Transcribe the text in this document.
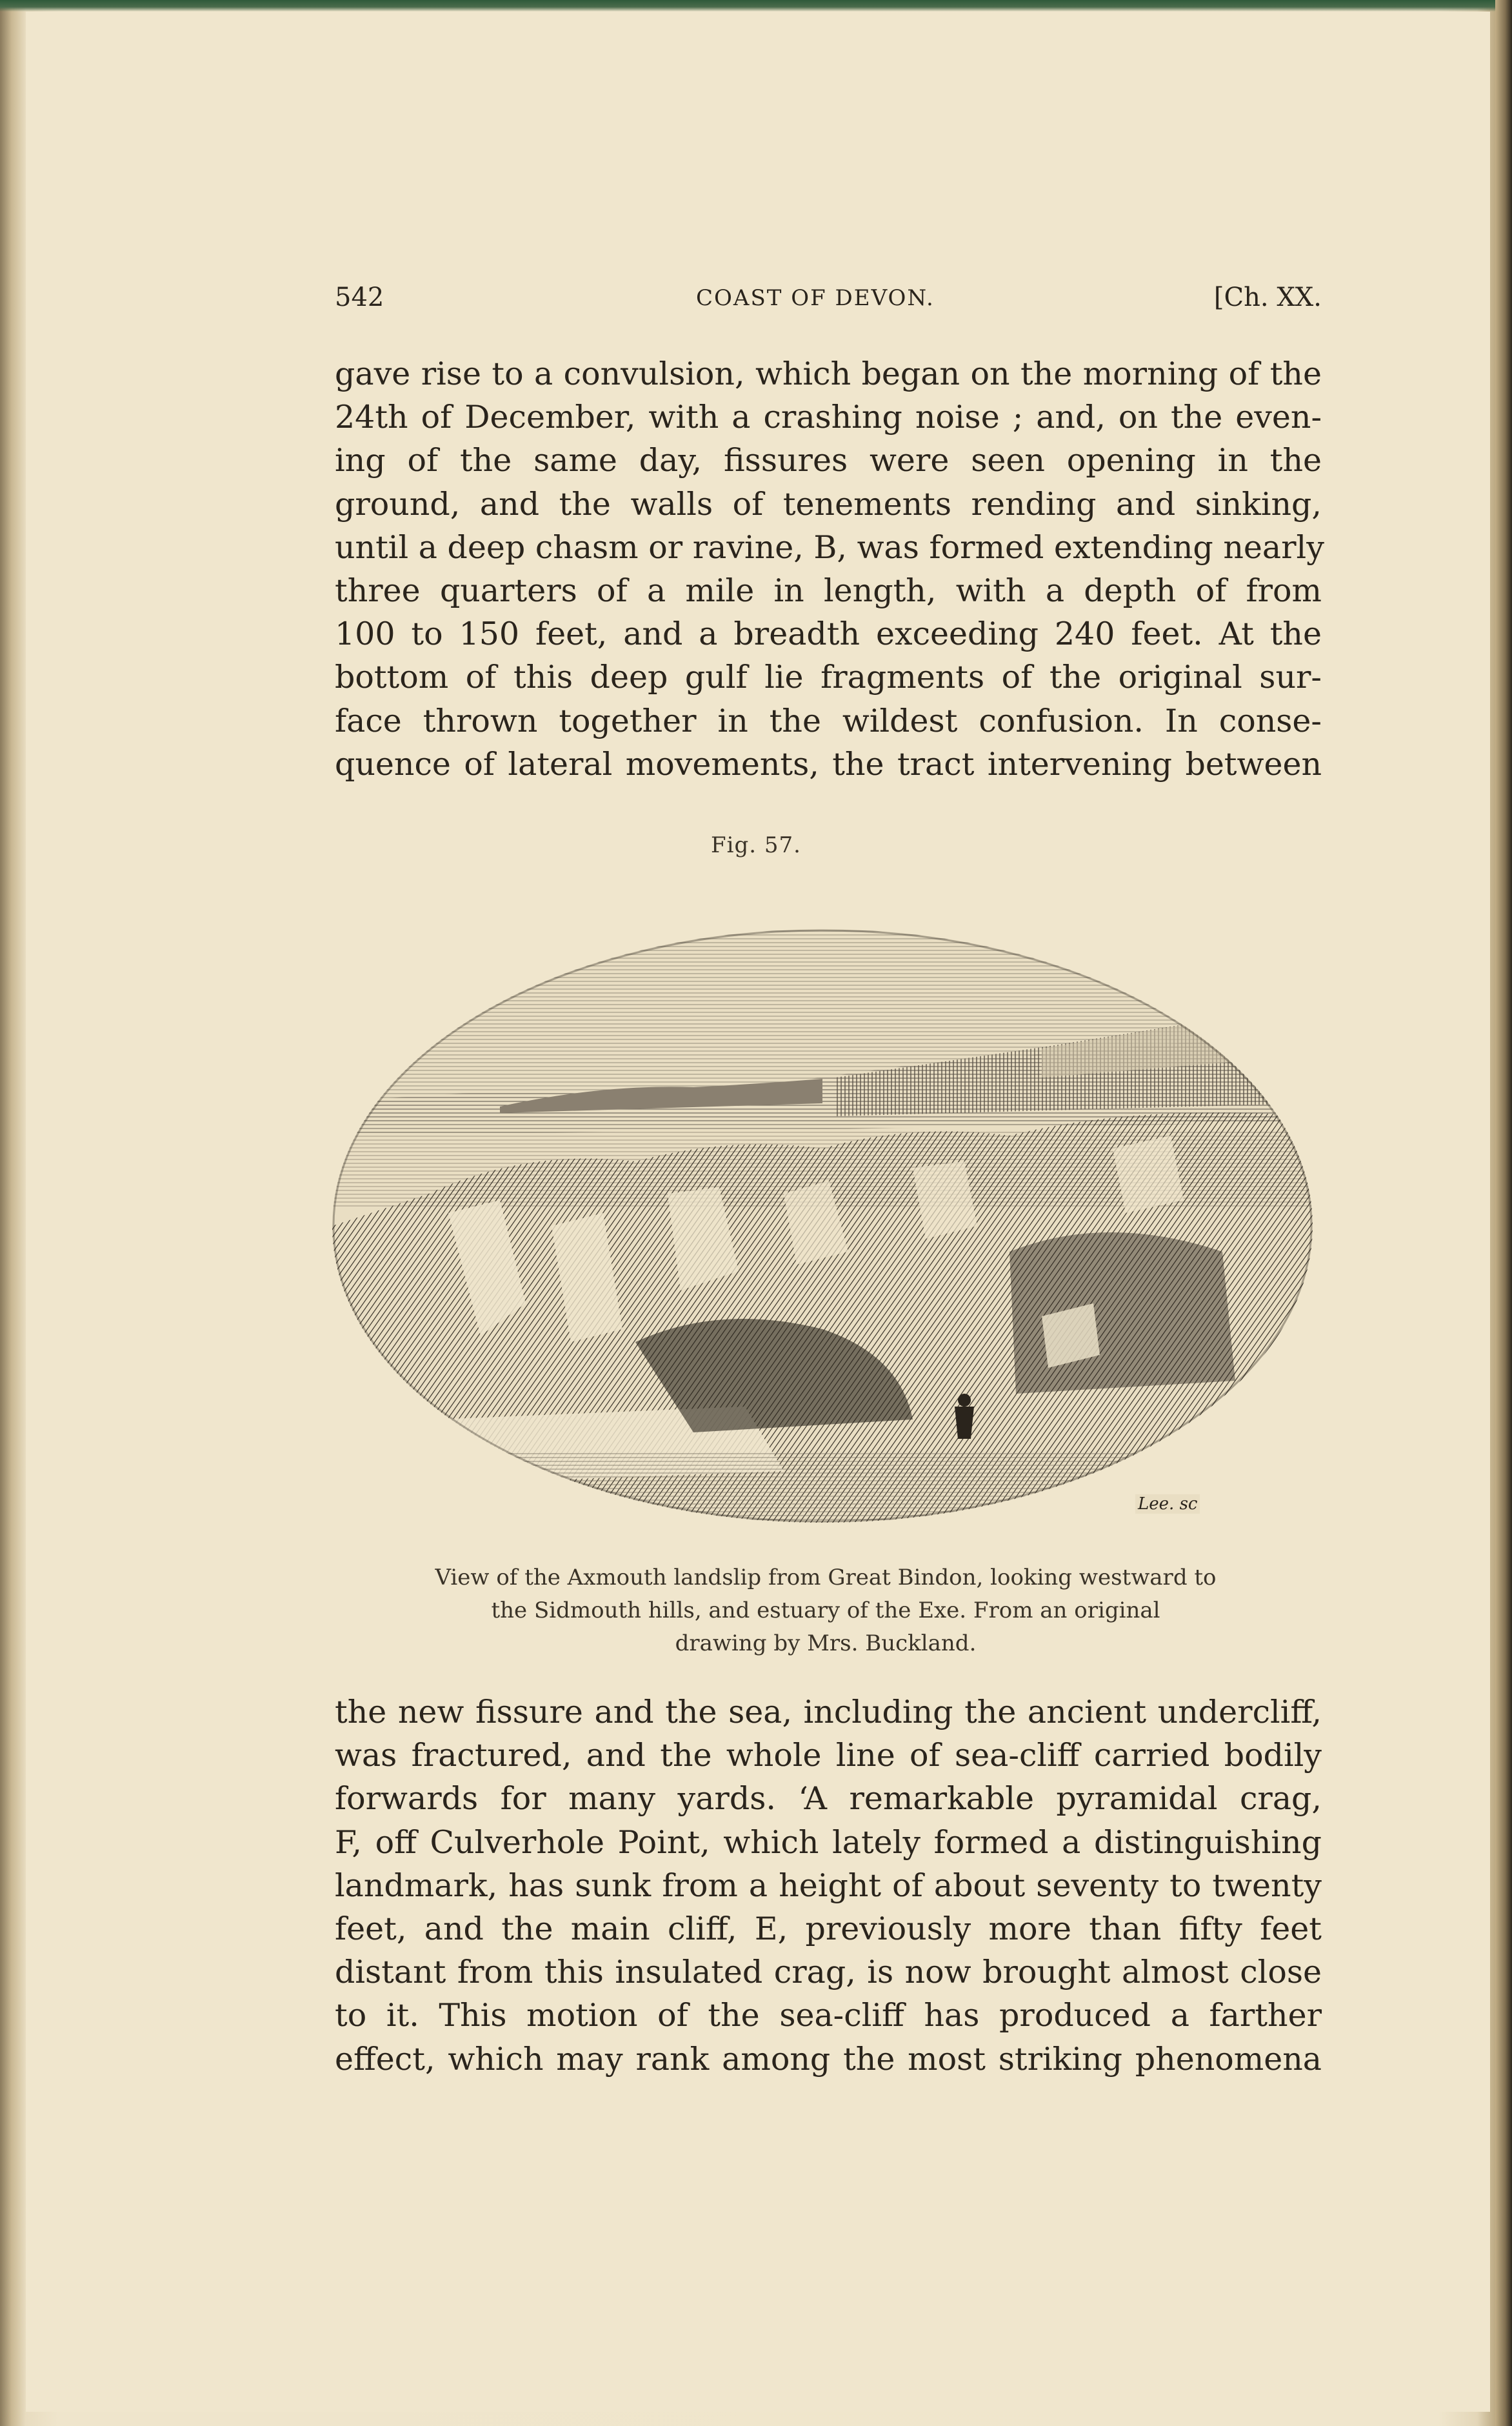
542	COAST OF DEVON.	[Ch. XX.
gave rise to a convulsion, which began on the morning of the
24th of December, with a crashing noise ; and, on the even-
ing of the same day, fissures were seen opening in the
ground, and the walls of tenements rending and sinking,
until a deep chasm or ravine, B, was formed extending nearly
three quarters of a mile in length, with a depth of from
100 to 150 feet, and a breadth exceeding 240 feet. At the
bottom of this deep gulf lie fragments of the original sur-
face thrown together in the wildest confusion. In conse-
quence of lateral movements, the tract intervening between
Fig. 57.
Lee. sc
View of the Axmouth landslip from Great Bindon, looking westward to
the Sidmouth hills, and estuary of the Exe. From an original
drawing by Mrs. Buckland.
the new fissure and the sea, including the ancient undercliff,
was fractured, and the whole line of sea-cliff carried bodily
forwards for many yards. ‘A remarkable pyramidal crag,
F, off Culverhole Point, which lately formed a distinguishing
landmark, has sunk from a height of about seventy to twenty
feet, and the main cliff, E, previously more than fifty feet
distant from this insulated crag, is now brought almost close
to it. This motion of the sea-cliff has produced a farther
effect, which may rank among the most striking phenomena
